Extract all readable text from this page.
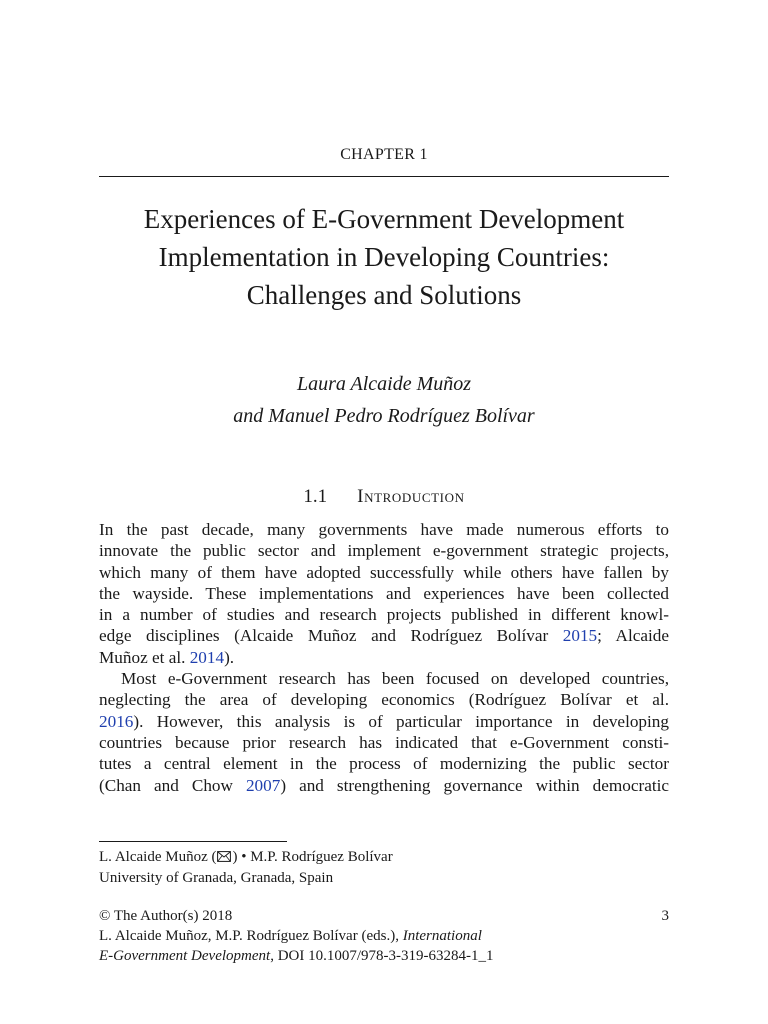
CHAPTER 1
Experiences of E-Government Development
Implementation in Developing Countries:
Challenges and Solutions
Laura Alcaide Muñoz
and Manuel Pedro Rodríguez Bolívar
1.1 Introduction
In the past decade, many governments have made numerous efforts to
innovate the public sector and implement e-government strategic projects,
which many of them have adopted successfully while others have fallen by
the wayside. These implementations and experiences have been collected
in a number of studies and research projects published in different knowl-
edge disciplines (Alcaide Muñoz and Rodríguez Bolívar 2015; Alcaide
Muñoz et al. 2014).
Most e-Government research has been focused on developed countries,
neglecting the area of developing economics (Rodríguez Bolívar et al.
2016). However, this analysis is of particular importance in developing
countries because prior research has indicated that e-Government consti-
tutes a central element in the process of modernizing the public sector
(Chan and Chow 2007) and strengthening governance within democratic
L. Alcaide Muñoz ( ) • M.P. Rodríguez Bolívar
University of Granada, Granada, Spain
© The Author(s) 2018
L. Alcaide Muñoz, M.P. Rodríguez Bolívar (eds.), International
E-Government Development, DOI 10.1007/978-3-319-63284-1_1
3
